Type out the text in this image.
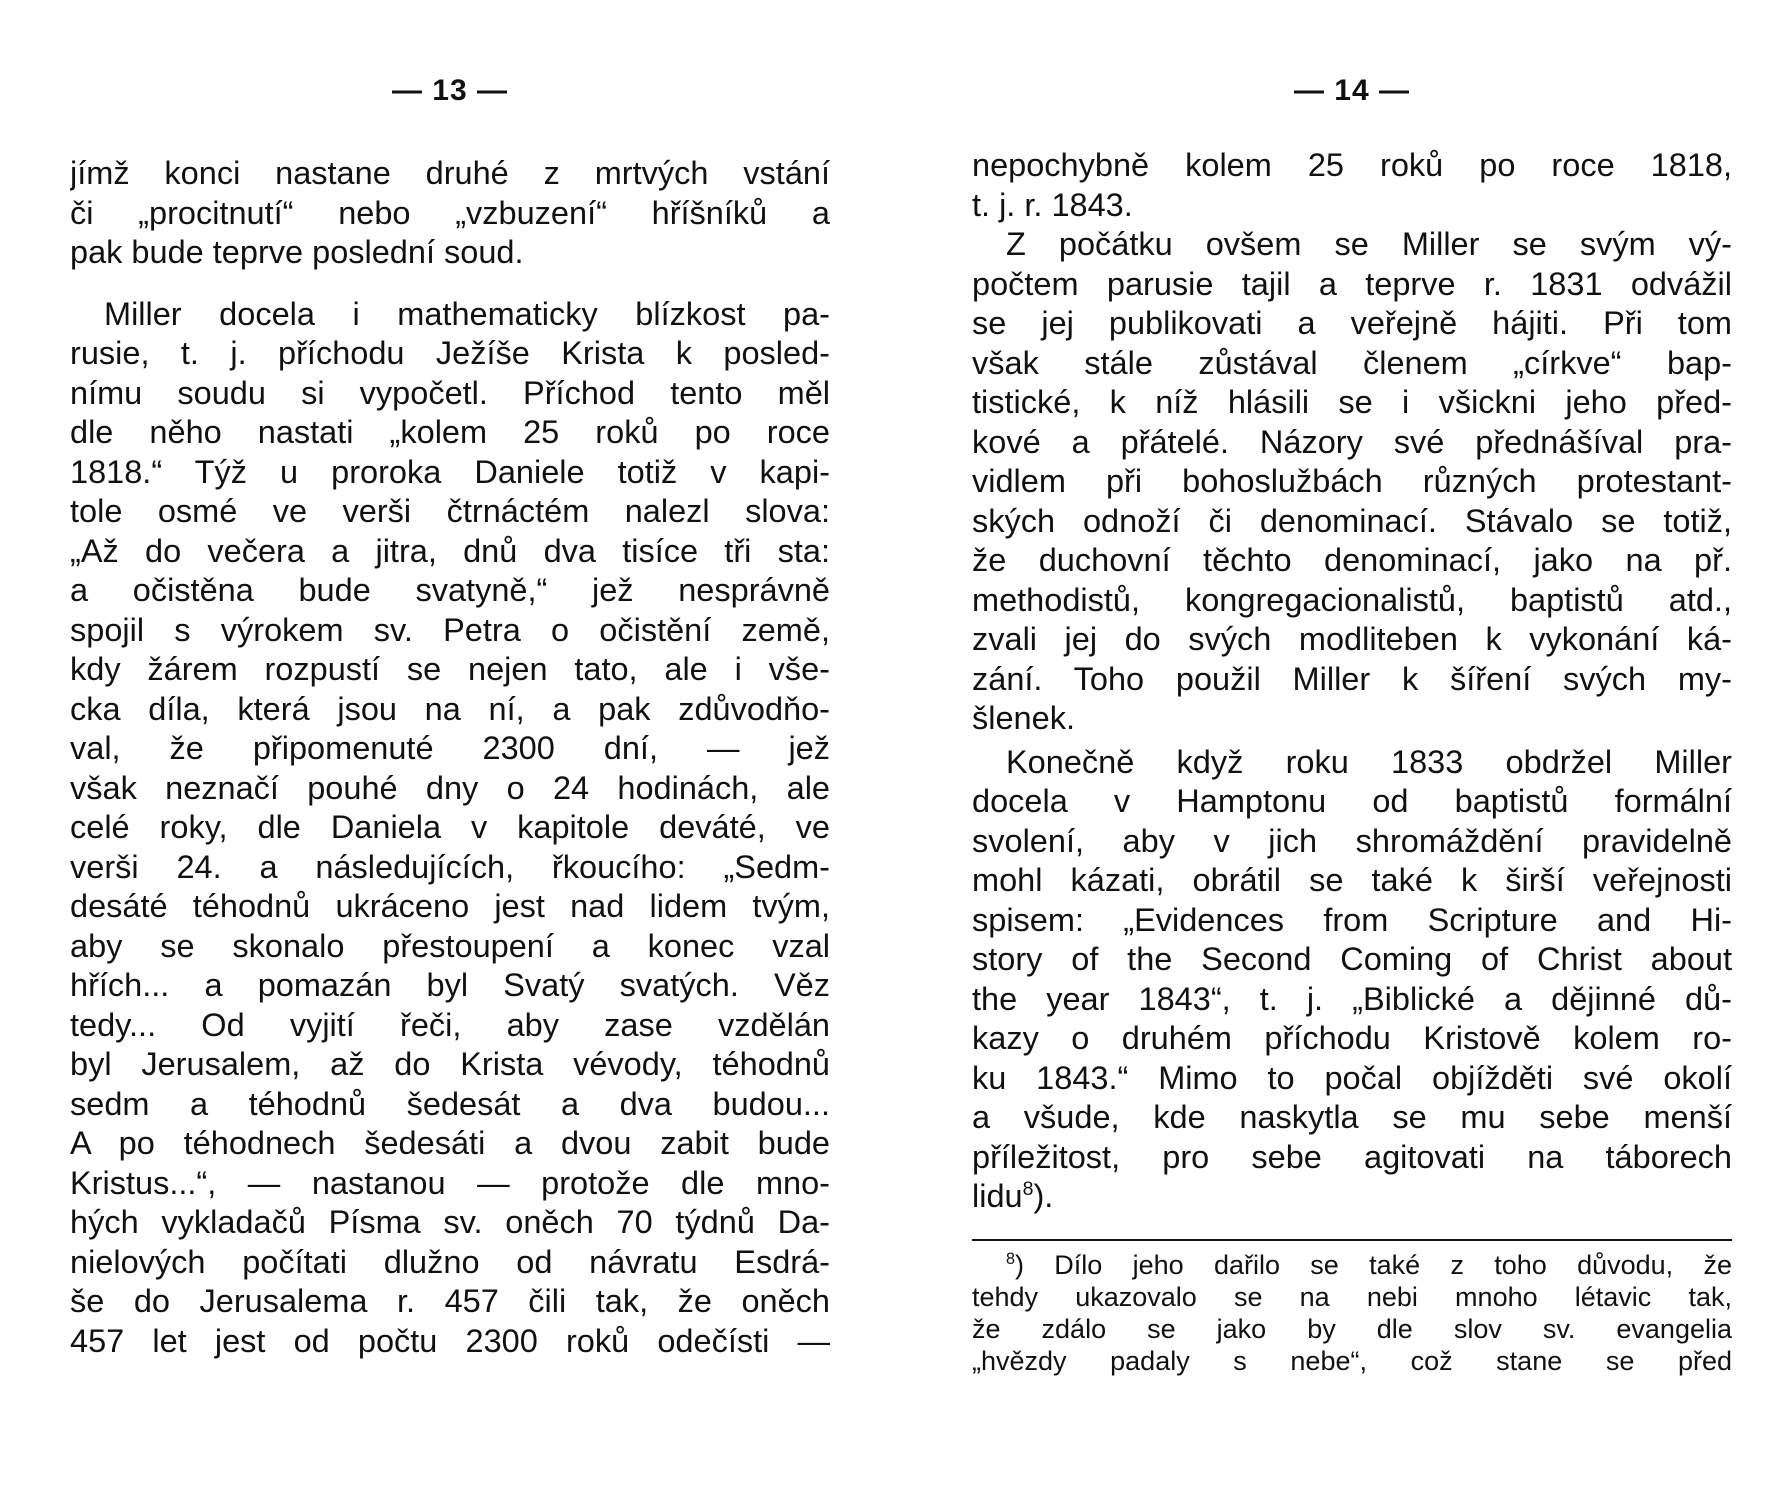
— 13 —
jímž konci nastane druhé z mrtvých vstání
či „procitnutí“ nebo „vzbuzení“ hříšníků a
pak bude teprve poslední soud.
Miller docela i mathematicky blízkost pa-
rusie, t. j. příchodu Ježíše Krista k posled-
nímu soudu si vypočetl. Příchod tento měl
dle něho nastati „kolem 25 roků po roce
1818.“ Týž u proroka Daniele totiž v kapi-
tole osmé ve verši čtrnáctém nalezl slova:
„Až do večera a jitra, dnů dva tisíce tři sta:
a očistěna bude svatyně,“ jež nesprávně
spojil s výrokem sv. Petra o očistění země,
kdy žárem rozpustí se nejen tato, ale i vše-
cka díla, která jsou na ní, a pak zdůvodňo-
val, že připomenuté 2300 dní, — jež
však neznačí pouhé dny o 24 hodinách, ale
celé roky, dle Daniela v kapitole deváté, ve
verši 24. a následujících, řkoucího: „Sedm-
desáté téhodnů ukráceno jest nad lidem tvým,
aby se skonalo přestoupení a konec vzal
hřích... a pomazán byl Svatý svatých. Věz
tedy... Od vyjití řeči, aby zase vzdělán
byl Jerusalem, až do Krista vévody, téhodnů
sedm a téhodnů šedesát a dva budou...
A po téhodnech šedesáti a dvou zabit bude
Kristus...“, — nastanou — protože dle mno-
hých vykladačů Písma sv. oněch 70 týdnů Da-
nielových počítati dlužno od návratu Esdrá-
še do Jerusalema r. 457 čili tak, že oněch
457 let jest od počtu 2300 roků odečísti —
— 14 —
nepochybně kolem 25 roků po roce 1818,
t. j. r. 1843.
Z počátku ovšem se Miller se svým vý-
počtem parusie tajil a teprve r. 1831 odvážil
se jej publikovati a veřejně hájiti. Při tom
však stále zůstával členem „církve“ bap-
tistické, k níž hlásili se i všickni jeho před-
kové a přátelé. Názory své přednášíval pra-
vidlem při bohoslužbách různých protestant-
ských odnoží či denominací. Stávalo se totiž,
že duchovní těchto denominací, jako na př.
methodistů, kongregacionalistů, baptistů atd.,
zvali jej do svých modliteben k vykonání ká-
zání. Toho použil Miller k šíření svých my-
šlenek.
Konečně když roku 1833 obdržel Miller
docela v Hamptonu od baptistů formální
svolení, aby v jich shromáždění pravidelně
mohl kázati, obrátil se také k širší veřejnosti
spisem: „Evidences from Scripture and Hi-
story of the Second Coming of Christ about
the year 1843“, t. j. „Biblické a dějinné dů-
kazy o druhém příchodu Kristově kolem ro-
ku 1843.“ Mimo to počal objížděti své okolí
a všude, kde naskytla se mu sebe menší
příležitost, pro sebe agitovati na táborech
lidu$^8$).
$^8$) Dílo jeho dařilo se také z toho důvodu, že
tehdy ukazovalo se na nebi mnoho létavic tak,
že zdálo se jako by dle slov sv. evangelia
„hvězdy padaly s nebe“, což stane se před
